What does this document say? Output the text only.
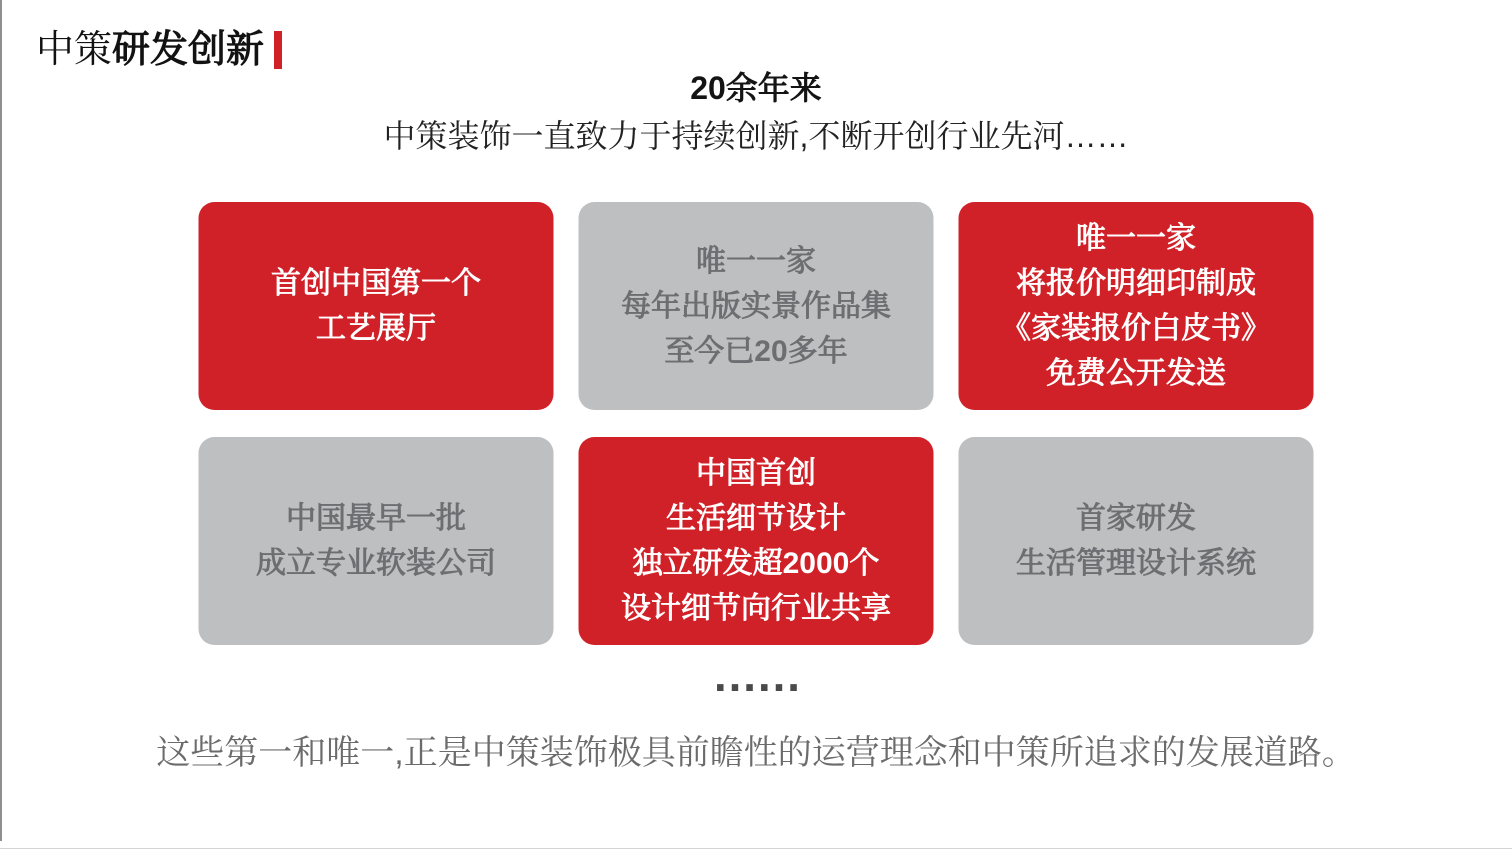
中策 研发创新
20余年来
中策装饰一直致力于持续创新,不断开创行业先河……
首创中国第一个
工艺展厅
唯一一家
每年出版实景作品集
至今已20多年
唯一一家
将报价明细印制成
《家装报价白皮书》
免费公开发送
中国最早一批
成立专业软装公司
中国首创
生活细节设计
独立研发超2000个
设计细节向行业共享
首家研发
生活管理设计系统
……
这些第一和唯一,正是中策装饰极具前瞻性的运营理念和中策所追求的发展道路。
